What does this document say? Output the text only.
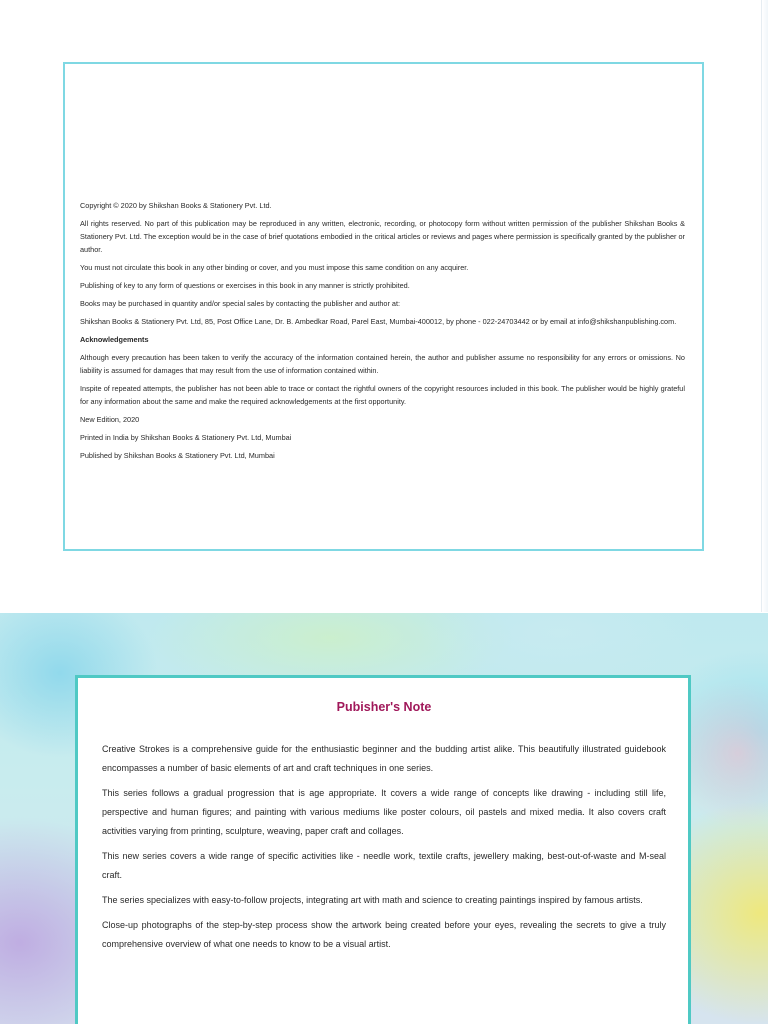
Copyright © 2020 by Shikshan Books & Stationery Pvt. Ltd.

All rights reserved. No part of this publication may be reproduced in any written, electronic, recording, or photocopy form without written permission of the publisher Shikshan Books & Stationery Pvt. Ltd. The exception would be in the case of brief quotations embodied in the critical articles or reviews and pages where permission is specifically granted by the publisher or author.

You must not circulate this book in any other binding or cover, and you must impose this same condition on any acquirer.

Publishing of key to any form of questions or exercises in this book in any manner is strictly prohibited.

Books may be purchased in quantity and/or special sales by contacting the publisher and author at:

Shikshan Books & Stationery Pvt. Ltd, 85, Post Office Lane, Dr. B. Ambedkar Road, Parel East, Mumbai-400012, by phone - 022-24703442 or by email at info@shikshanpublishing.com.

Acknowledgements

Although every precaution has been taken to verify the accuracy of the information contained herein, the author and publisher assume no responsibility for any errors or omissions. No liability is assumed for damages that may result from the use of information contained within.

Inspite of repeated attempts, the publisher has not been able to trace or contact the rightful owners of the copyright resources included in this book. The publisher would be highly grateful for any information about the same and make the required acknowledgements at the first opportunity.

New Edition, 2020

Printed in India by Shikshan Books & Stationery Pvt. Ltd, Mumbai

Published by Shikshan Books & Stationery Pvt. Ltd, Mumbai

Pubisher's Note

Creative Strokes is a comprehensive guide for the enthusiastic beginner and the budding artist alike. This beautifully illustrated guidebook encompasses a number of basic elements of art and craft techniques in one series.

This series follows a gradual progression that is age appropriate. It covers a wide range of concepts like drawing - including still life, perspective and human figures; and painting with various mediums like poster colours, oil pastels and mixed media. It also covers craft activities varying from printing, sculpture, weaving, paper craft and collages.

This new series covers a wide range of specific activities like - needle work, textile crafts, jewellery making, best-out-of-waste and M-seal craft.

The series specializes with easy-to-follow projects, integrating art with math and science to creating paintings inspired by famous artists.

Close-up photographs of the step-by-step process show the artwork being created before your eyes, revealing the secrets to give a truly comprehensive overview of what one needs to know to be a visual artist.
